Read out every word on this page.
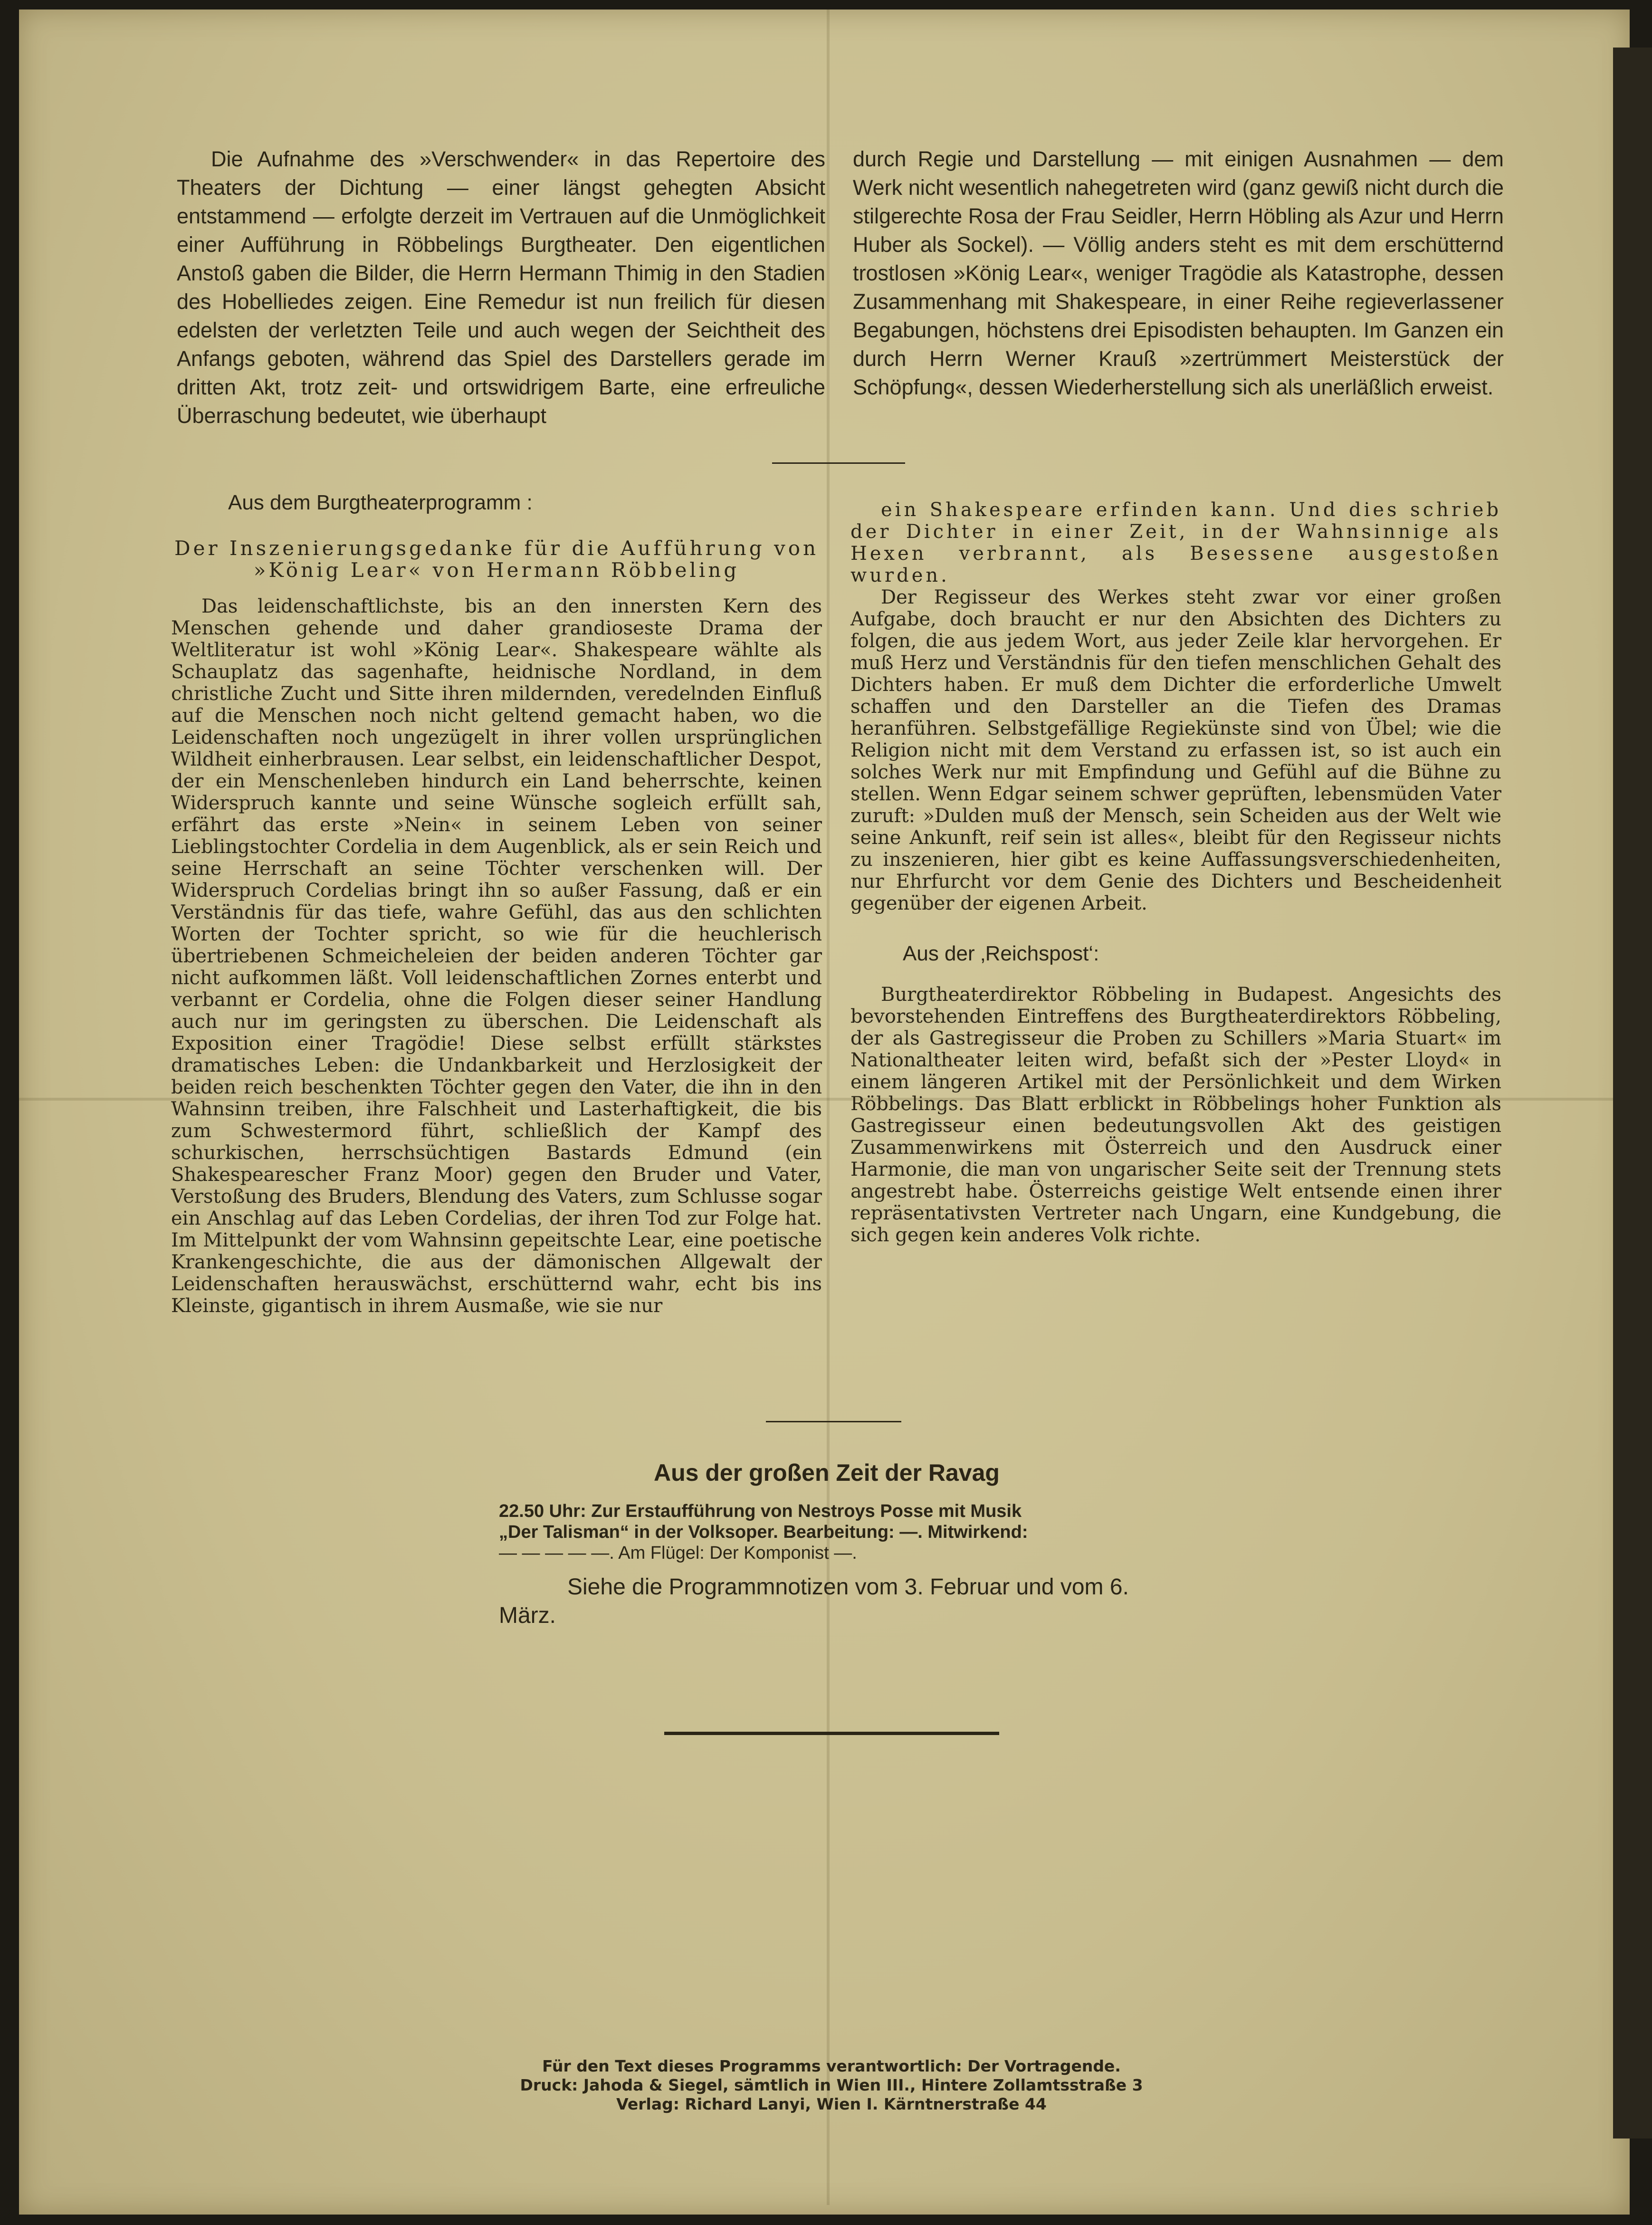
Die Aufnahme des »Verschwender« in das Repertoire des Theaters der Dichtung — einer längst gehegten Absicht entstammend — erfolgte derzeit im Vertrauen auf die Unmöglichkeit einer Aufführung in Röbbelings Burgtheater. Den eigentlichen Anstoß gaben die Bilder, die Herrn Hermann Thimig in den Stadien des Hobelliedes zeigen. Eine Remedur ist nun freilich für diesen edelsten der verletzten Teile und auch wegen der Seichtheit des Anfangs geboten, während das Spiel des Darstellers gerade im dritten Akt, trotz zeit- und ortswidrigem Barte, eine erfreuliche Überraschung bedeutet, wie überhaupt

durch Regie und Darstellung — mit einigen Ausnahmen — dem Werk nicht wesentlich nahegetreten wird (ganz gewiß nicht durch die stilgerechte Rosa der Frau Seidler, Herrn Höbling als Azur und Herrn Huber als Sockel). — Völlig anders steht es mit dem erschütternd trostlosen »König Lear«, weniger Tragödie als Katastrophe, dessen Zusammenhang mit Shakespeare, in einer Reihe regieverlassener Begabungen, höchstens drei Episodisten behaupten. Im Ganzen ein durch Herrn Werner Krauß »zertrümmert Meisterstück der Schöpfung«, dessen Wiederherstellung sich als unerläßlich erweist.

Aus dem Burgtheaterprogramm :
Der Inszenierungsgedanke für die Aufführung von
»König Lear« von Hermann Röbbeling

Das leidenschaftlichste, bis an den innersten Kern des Menschen gehende und daher grandioseste Drama der Weltliteratur ist wohl »König Lear«. Shakespeare wählte als Schauplatz das sagenhafte, heidnische Nordland, in dem christliche Zucht und Sitte ihren mildernden, veredelnden Einfluß auf die Menschen noch nicht geltend gemacht haben, wo die Leidenschaften noch ungezügelt in ihrer vollen ursprünglichen Wildheit einherbrausen. Lear selbst, ein leidenschaftlicher Despot, der ein Menschenleben hindurch ein Land beherrschte, keinen Widerspruch kannte und seine Wünsche sogleich erfüllt sah, erfährt das erste »Nein« in seinem Leben von seiner Lieblingstochter Cordelia in dem Augenblick, als er sein Reich und seine Herrschaft an seine Töchter verschenken will. Der Widerspruch Cordelias bringt ihn so außer Fassung, daß er ein Verständnis für das tiefe, wahre Gefühl, das aus den schlichten Worten der Tochter spricht, so wie für die heuchlerisch übertriebenen Schmeicheleien der beiden anderen Töchter gar nicht aufkommen läßt. Voll leidenschaftlichen Zornes enterbt und verbannt er Cordelia, ohne die Folgen dieser seiner Handlung auch nur im geringsten zu überschen. Die Leidenschaft als Exposition einer Tragödie! Diese selbst erfüllt stärkstes dramatisches Leben: die Undankbarkeit und Herzlosigkeit der beiden reich beschenkten Töchter gegen den Vater, die ihn in den Wahnsinn treiben, ihre Falschheit und Lasterhaftigkeit, die bis zum Schwestermord führt, schließlich der Kampf des schurkischen, herrschsüchtigen Bastards Edmund (ein Shakespearescher Franz Moor) gegen den Bruder und Vater, Verstoßung des Bruders, Blendung des Vaters, zum Schlusse sogar ein Anschlag auf das Leben Cordelias, der ihren Tod zur Folge hat. Im Mittelpunkt der vom Wahnsinn gepeitschte Lear, eine poetische Krankengeschichte, die aus der dämonischen Allgewalt der Leidenschaften herauswächst, erschütternd wahr, echt bis ins Kleinste, gigantisch in ihrem Ausmaße, wie sie nur

ein Shakespeare erfinden kann. Und dies schrieb der Dichter in einer Zeit, in der Wahnsinnige als Hexen verbrannt, als Besessene ausgestoßen wurden.

Der Regisseur des Werkes steht zwar vor einer großen Aufgabe, doch braucht er nur den Absichten des Dichters zu folgen, die aus jedem Wort, aus jeder Zeile klar hervorgehen. Er muß Herz und Verständnis für den tiefen menschlichen Gehalt des Dichters haben. Er muß dem Dichter die erforderliche Umwelt schaffen und den Darsteller an die Tiefen des Dramas heranführen. Selbstgefällige Regiekünste sind von Übel; wie die Religion nicht mit dem Verstand zu erfassen ist, so ist auch ein solches Werk nur mit Empfindung und Gefühl auf die Bühne zu stellen. Wenn Edgar seinem schwer geprüften, lebensmüden Vater zuruft: »Dulden muß der Mensch, sein Scheiden aus der Welt wie seine Ankunft, reif sein ist alles«, bleibt für den Regisseur nichts zu inszenieren, hier gibt es keine Auffassungsverschiedenheiten, nur Ehrfurcht vor dem Genie des Dichters und Bescheidenheit gegenüber der eigenen Arbeit.

Aus der ‚Reichspost‘:

Burgtheaterdirektor Röbbeling in Budapest. Angesichts des bevorstehenden Eintreffens des Burgtheaterdirektors Röbbeling, der als Gastregisseur die Proben zu Schillers »Maria Stuart« im Nationaltheater leiten wird, befaßt sich der »Pester Lloyd« in einem längeren Artikel mit der Persönlichkeit und dem Wirken Röbbelings. Das Blatt erblickt in Röbbelings hoher Funktion als Gastregisseur einen bedeutungsvollen Akt des geistigen Zusammenwirkens mit Österreich und den Ausdruck einer Harmonie, die man von ungarischer Seite seit der Trennung stets angestrebt habe. Österreichs geistige Welt entsende einen ihrer repräsentativsten Vertreter nach Ungarn, eine Kundgebung, die sich gegen kein anderes Volk richte.

Aus der großen Zeit der Ravag
22.50 Uhr: Zur Erstaufführung von Nestroys Posse mit Musik
„Der Talisman“ in der Volksoper. Bearbeitung: —. Mitwirkend:
— — — — —. Am Flügel: Der Komponist —.
Siehe die Programmnotizen vom 3. Februar und vom 6. März.
Für den Text dieses Programms verantwortlich: Der Vortragende.
Druck: Jahoda & Siegel, sämtlich in Wien III., Hintere Zollamtsstraße 3
Verlag: Richard Lanyi, Wien I. Kärntnerstraße 44
